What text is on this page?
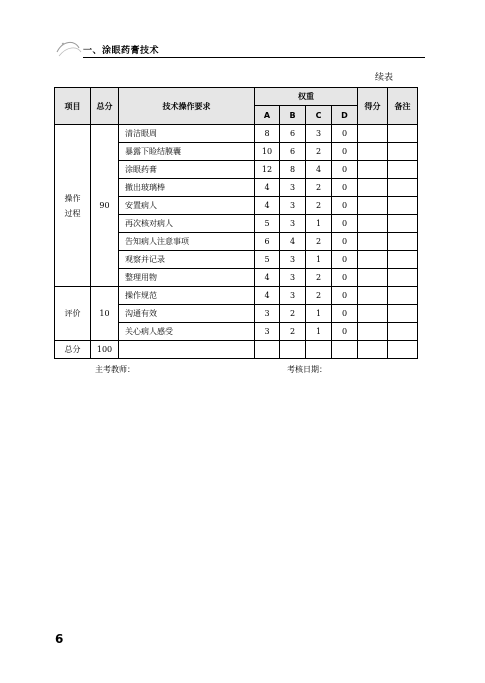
一、涂眼药膏技术
续表
项目	总分	技术操作要求	权重				得分	备注
			A	B	C	D		
操作过程	90	清洁眼周	8	6	3	0		
		暴露下睑结膜囊	10	6	2	0		
		涂眼药膏	12	8	4	0		
		撤出玻璃棒	4	3	2	0		
		安置病人	4	3	2	0		
		再次核对病人	5	3	1	0		
		告知病人注意事项	6	4	2	0		
		观察并记录	5	3	1	0		
		整理用物	4	3	2	0		
评价	10	操作规范	4	3	2	0		
		沟通有效	3	2	1	0		
		关心病人感受	3	2	1	0		
总分	100							
主考教师：	考核日期：
6
